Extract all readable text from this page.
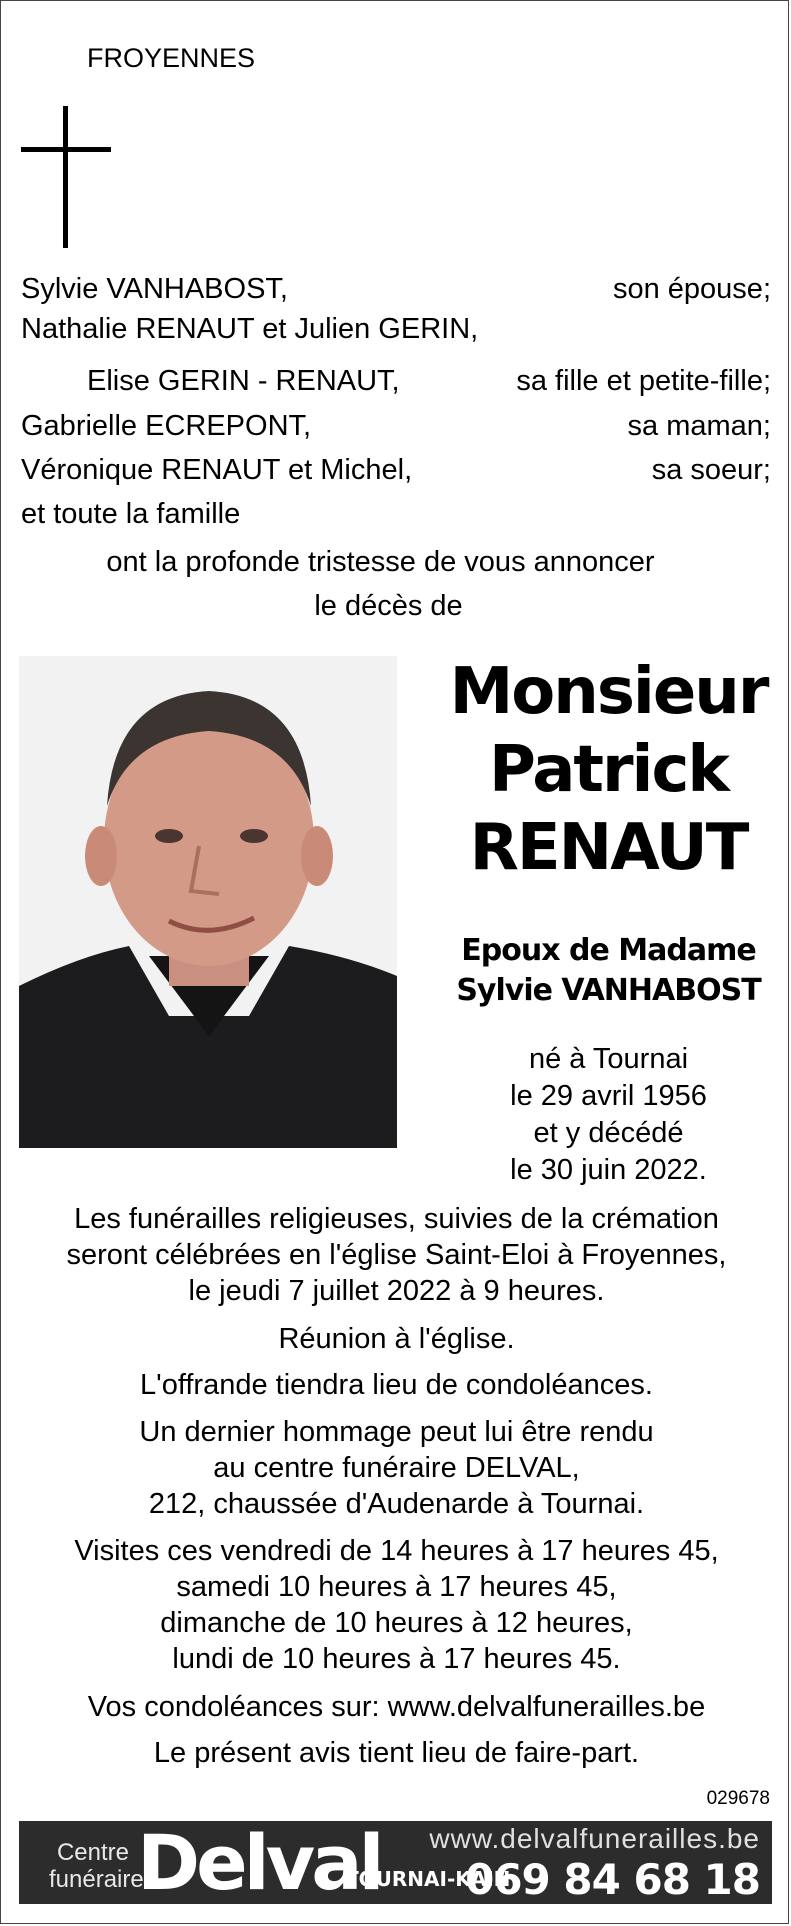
FROYENNES
Sylvie VANHABOST,	son épouse;
Nathalie RENAUT et Julien GERIN,
Elise GERIN - RENAUT,	sa fille et petite-fille;
Gabrielle ECREPONT,	sa maman;
Véronique RENAUT et Michel,	sa soeur;
et toute la famille
ont la profonde tristesse de vous annoncer
le décès de
Monsieur
Patrick
RENAUT
Epoux de Madame
Sylvie VANHABOST
né à Tournai
le 29 avril 1956
et y décédé
le 30 juin 2022.
Les funérailles religieuses, suivies de la crémation
seront célébrées en l'église Saint-Eloi à Froyennes,
le jeudi 7 juillet 2022 à 9 heures.
Réunion à l'église.
L'offrande tiendra lieu de condoléances.
Un dernier hommage peut lui être rendu
au centre funéraire DELVAL,
212, chaussée d'Audenarde à Tournai.
Visites ces vendredi de 14 heures à 17 heures 45,
samedi 10 heures à 17 heures 45,
dimanche de 10 heures à 12 heures,
lundi de 10 heures à 17 heures 45.
Vos condoléances sur: www.delvalfunerailles.be
Le présent avis tient lieu de faire-part.
029678
Centre
funéraire
Delval www.delvalfunerailles.be
TOURNAI-KAIN
069 84 68 18
